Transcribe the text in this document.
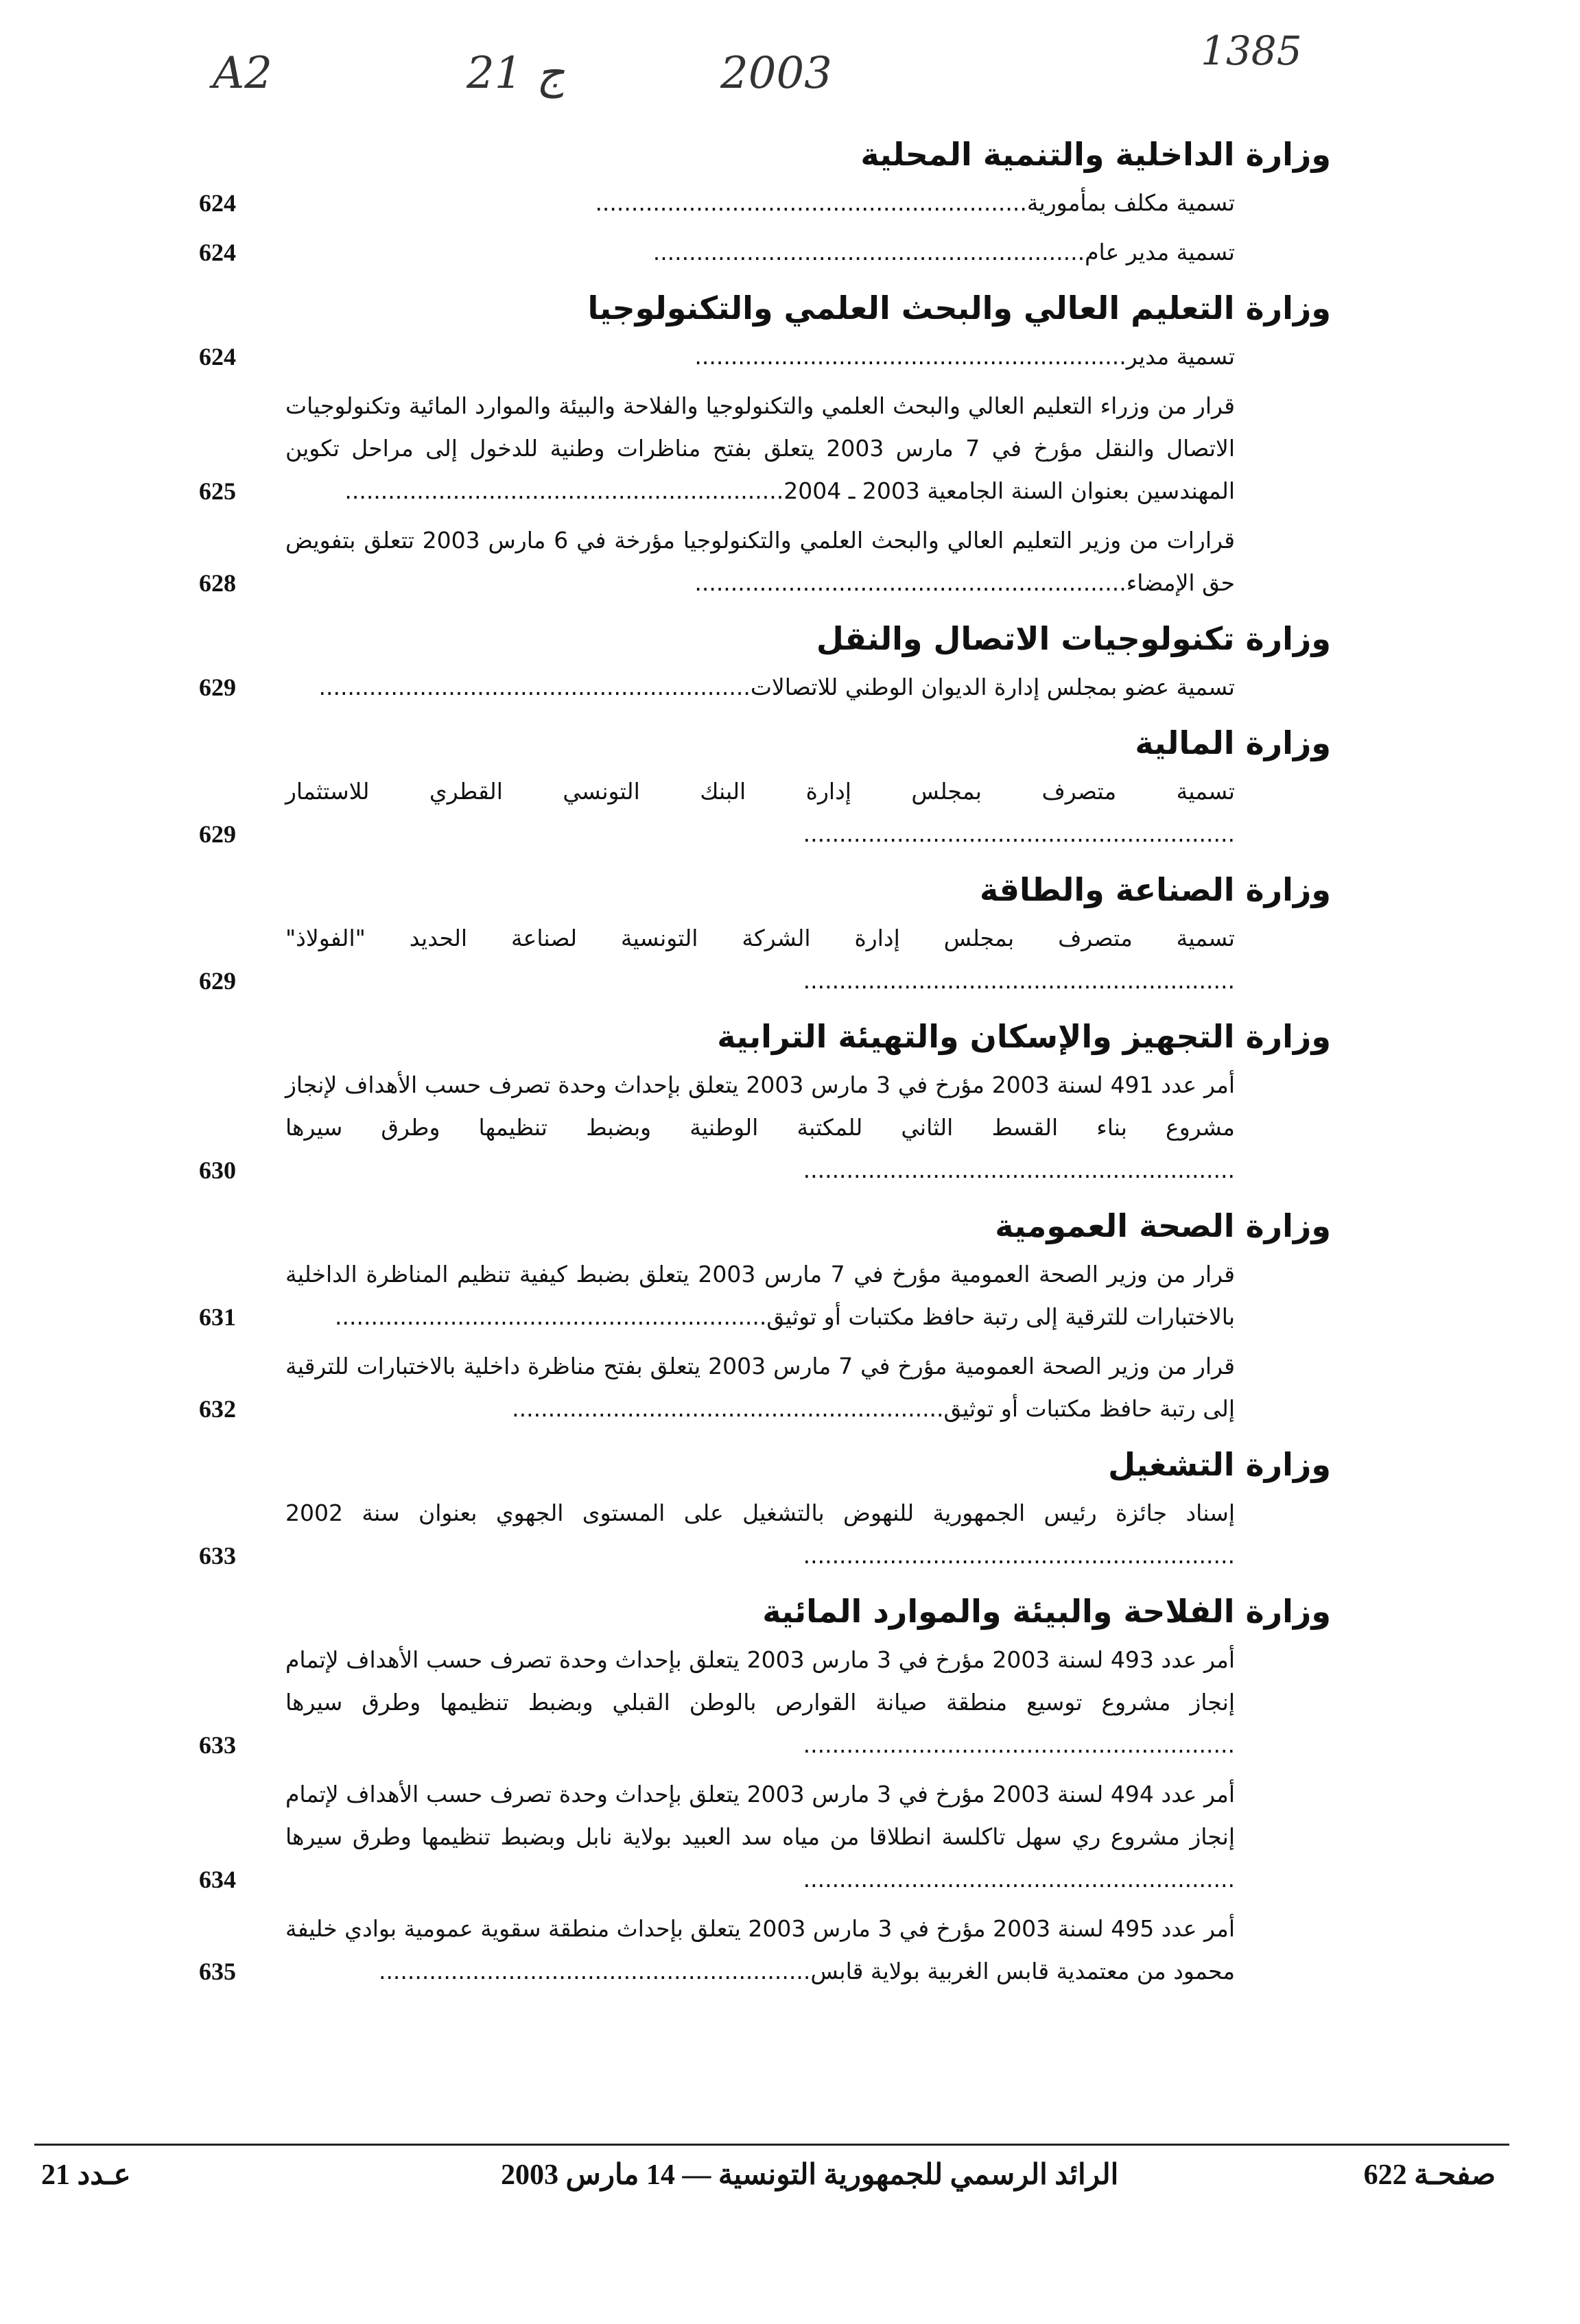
A2	21 ج	2003	1385
وزارة الداخلية والتنمية المحلية
تسمية مكلف بمأمورية............................................................
624
تسمية مدير عام............................................................
624
وزارة التعليم العالي والبحث العلمي والتكنولوجيا
تسمية مدير............................................................
624
قرار من وزراء التعليم العالي والبحث العلمي والتكنولوجيا والفلاحة والبيئة والموارد المائية وتكنولوجيات الاتصال والنقل مؤرخ في 7 مارس 2003 يتعلق بفتح مناظرات وطنية للدخول إلى مراحل تكوين المهندسين بعنوان السنة الجامعية 2003 ـ 2004.............................................................
625
قرارات من وزير التعليم العالي والبحث العلمي والتكنولوجيا مؤرخة في 6 مارس 2003 تتعلق بتفويض حق الإمضاء............................................................
628
وزارة تكنولوجيات الاتصال والنقل
تسمية عضو بمجلس إدارة الديوان الوطني للاتصالات............................................................
629
وزارة المالية
تسمية متصرف بمجلس إدارة البنك التونسي القطري للاستثمار............................................................
629
وزارة الصناعة والطاقة
تسمية متصرف بمجلس إدارة الشركة التونسية لصناعة الحديد "الفولاذ"............................................................
629
وزارة التجهيز والإسكان والتهيئة الترابية
أمر عدد 491 لسنة 2003 مؤرخ في 3 مارس 2003 يتعلق بإحداث وحدة تصرف حسب الأهداف لإنجاز مشروع بناء القسط الثاني للمكتبة الوطنية وبضبط تنظيمها وطرق سيرها............................................................
630
وزارة الصحة العمومية
قرار من وزير الصحة العمومية مؤرخ في 7 مارس 2003 يتعلق بضبط كيفية تنظيم المناظرة الداخلية بالاختبارات للترقية إلى رتبة حافظ مكتبات أو توثيق............................................................
631
قرار من وزير الصحة العمومية مؤرخ في 7 مارس 2003 يتعلق بفتح مناظرة داخلية بالاختبارات للترقية إلى رتبة حافظ مكتبات أو توثيق............................................................
632
وزارة التشغيل
إسناد جائزة رئيس الجمهورية للنهوض بالتشغيل على المستوى الجهوي بعنوان سنة 2002............................................................
633
وزارة الفلاحة والبيئة والموارد المائية
أمر عدد 493 لسنة 2003 مؤرخ في 3 مارس 2003 يتعلق بإحداث وحدة تصرف حسب الأهداف لإتمام إنجاز مشروع توسيع منطقة صيانة القوارص بالوطن القبلي وبضبط تنظيمها وطرق سيرها............................................................
633
أمر عدد 494 لسنة 2003 مؤرخ في 3 مارس 2003 يتعلق بإحداث وحدة تصرف حسب الأهداف لإتمام إنجاز مشروع ري سهل تاكلسة انطلاقا من مياه سد العبيد بولاية نابل وبضبط تنظيمها وطرق سيرها............................................................
634
أمر عدد 495 لسنة 2003 مؤرخ في 3 مارس 2003 يتعلق بإحداث منطقة سقوية عمومية بوادي خليفة محمود من معتمدية قابس الغربية بولاية قابس............................................................
635
عـدد 21	الرائد الرسمي للجمهورية التونسية — 14 مارس 2003	صفحـة 622
